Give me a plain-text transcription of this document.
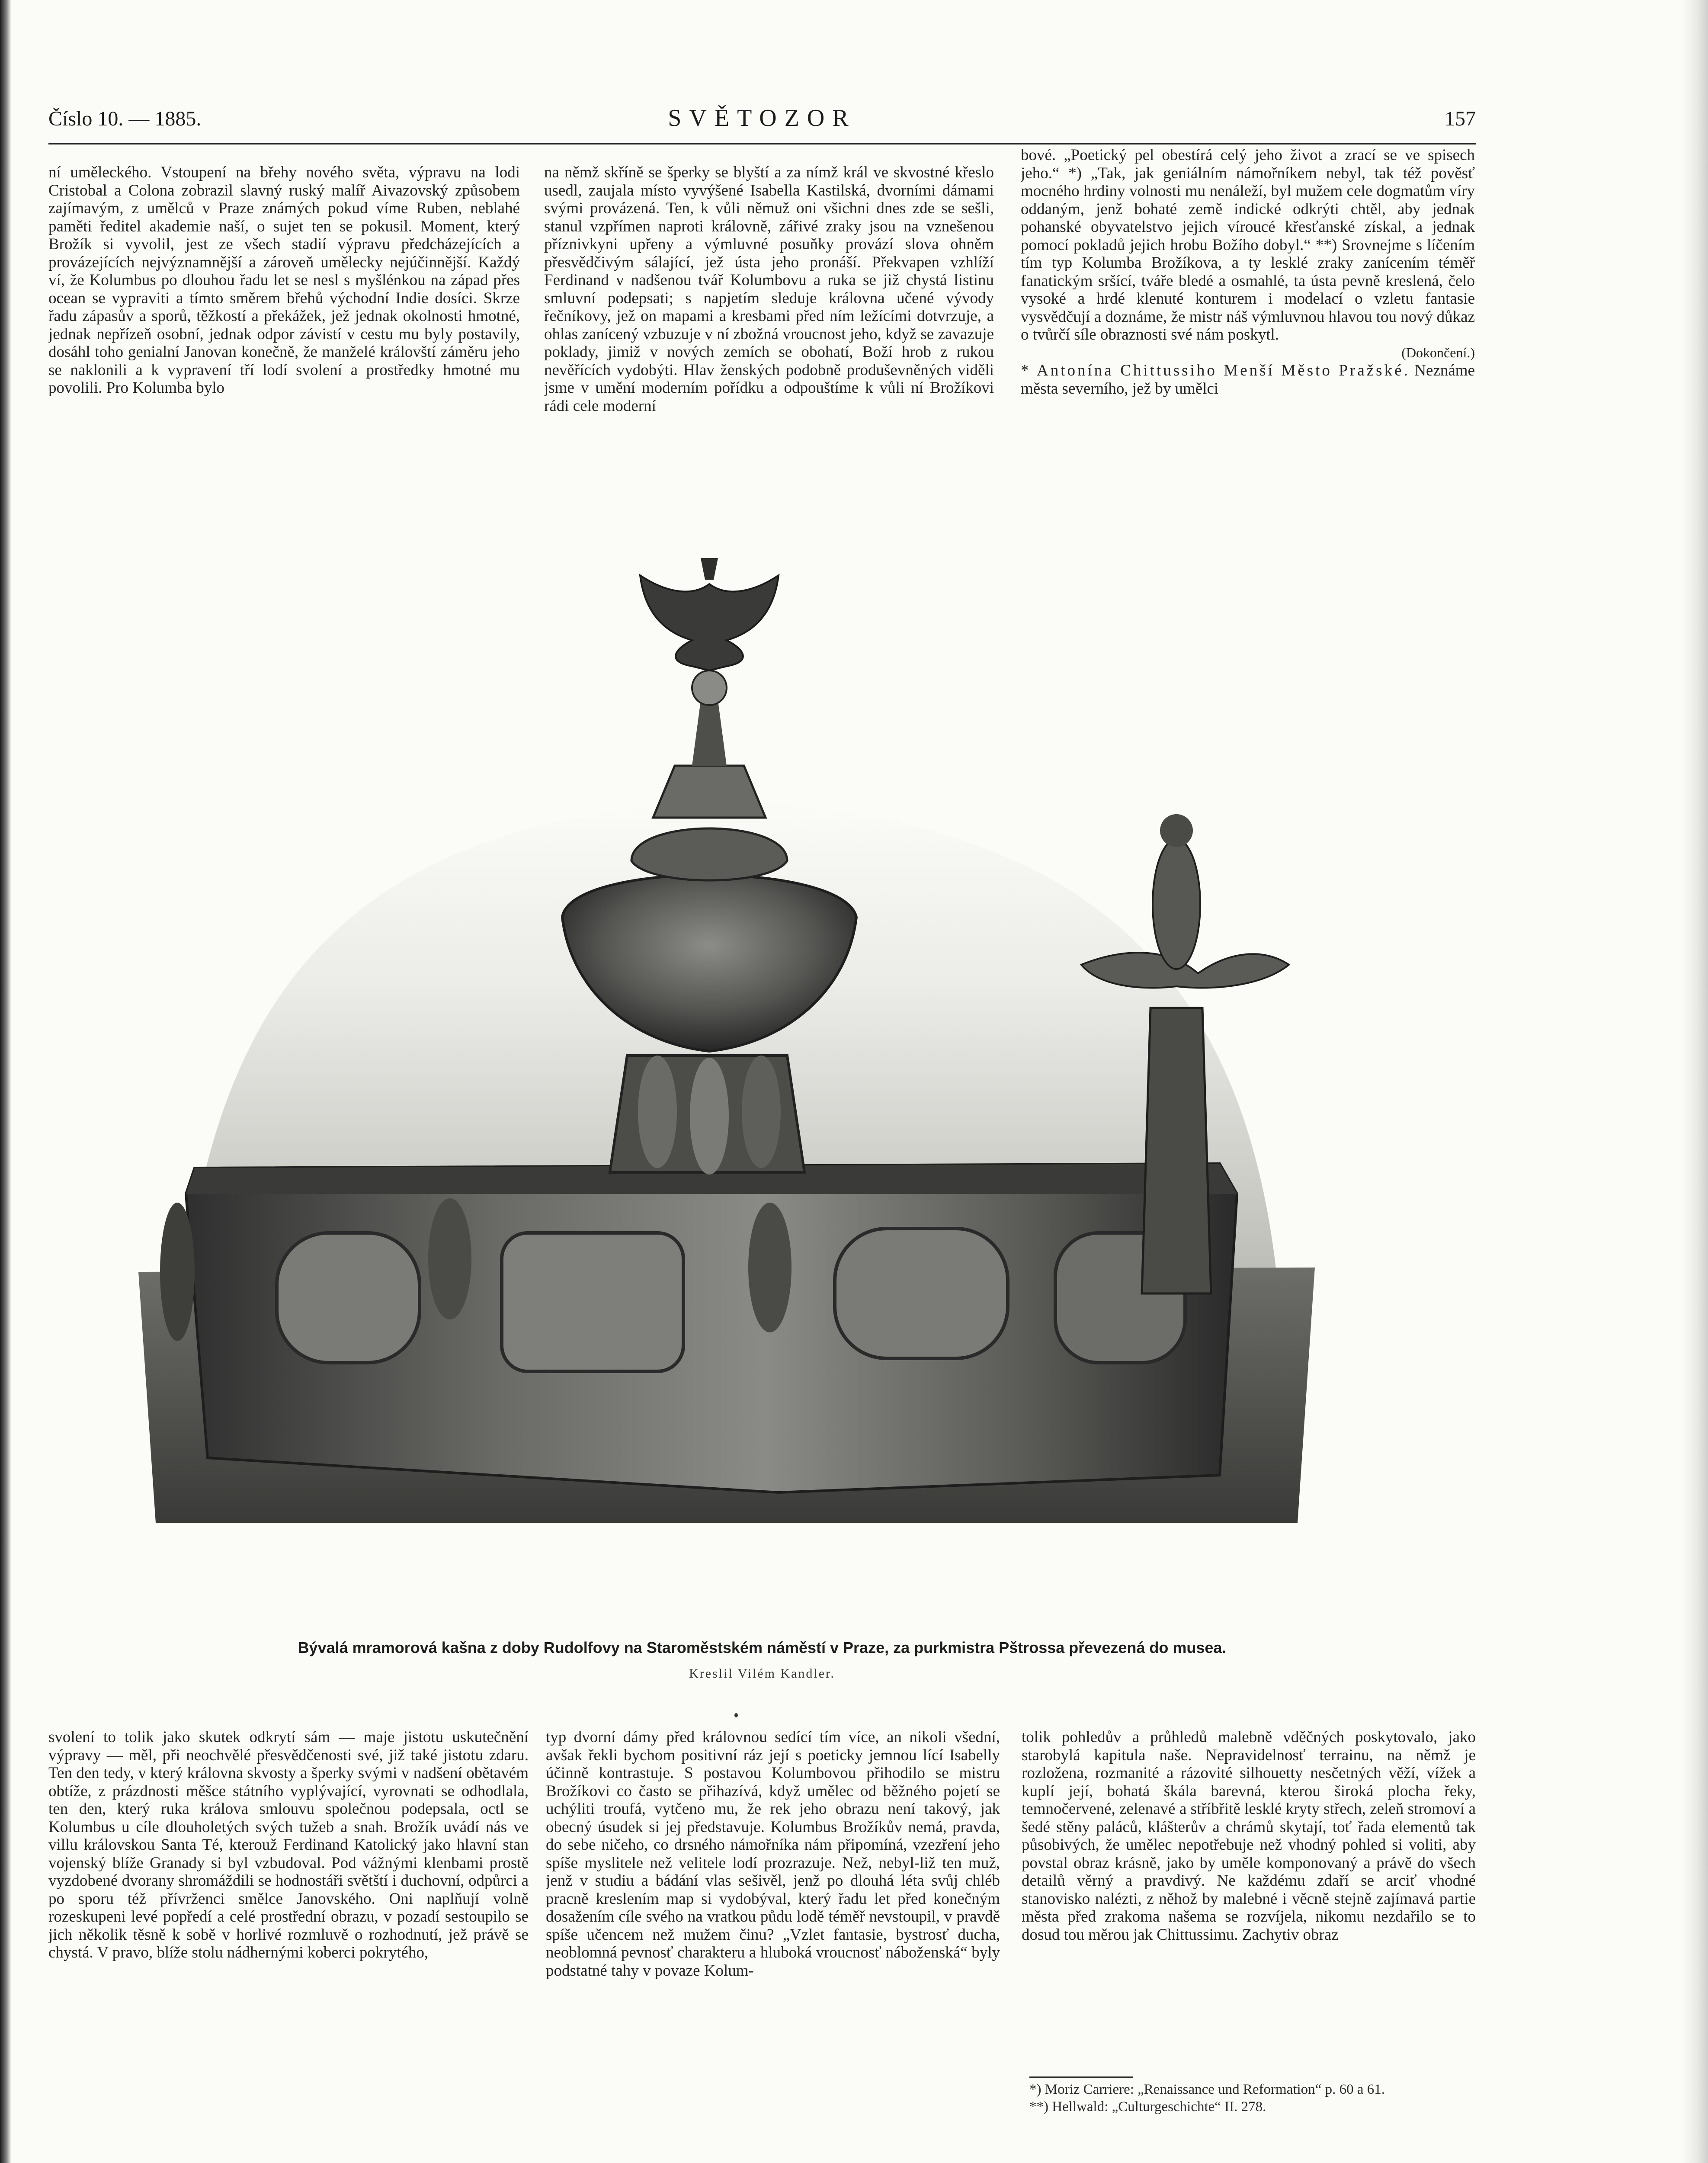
Číslo 10. — 1885.	SVĚTOZOR	157

ní uměleckého. Vstoupení na břehy nového světa, výpravu na lodi Cristobal a Colona zobrazil slavný ruský malíř Aivazovský způsobem zajímavým, z umělců v Praze známých pokud víme Ruben, neblahé paměti ředitel akademie naší, o sujet ten se pokusil. Moment, který Brožík si vyvolil, jest ze všech stadií výpravu předcházejících a provázejících nejvýznamnější a zároveň umělecky nejúčinnější. Každý ví, že Kolumbus po dlouhou řadu let se nesl s myšlénkou na západ přes ocean se vypraviti a tímto směrem břehů východní Indie dosíci. Skrze řadu zápasův a sporů, těžkostí a překážek, jež jednak okolnosti hmotné, jednak nepřízeň osobní, jednak odpor závistí v cestu mu byly postavily, dosáhl toho genialní Janovan konečně, že manželé královští záměru jeho se naklonili a k vypravení tří lodí svolení a prostředky hmotné mu povolili. Pro Kolumba bylo

na němž skříně se šperky se blyští a za nímž král ve skvostné křeslo usedl, zaujala místo vyvýšené Isabella Kastilská, dvorními dámami svými provázená. Ten, k vůli němuž oni všichni dnes zde se sešli, stanul vzpřímen naproti královně, zářivé zraky jsou na vznešenou příznivkyni upřeny a výmluvné posuňky provází slova ohněm přesvědčivým sálající, jež ústa jeho pronáší. Překvapen vzhlíží Ferdinand v nadšenou tvář Kolumbovu a ruka se již chystá listinu smluvní podepsati; s napjetím sleduje královna učené vývody řečníkovy, jež on mapami a kresbami před ním ležícími dotvrzuje, a ohlas zanícený vzbuzuje v ní zbožná vroucnost jeho, když se zavazuje poklady, jimiž v nových zemích se obohatí, Boží hrob z rukou nevěřících vydobýti. Hlav ženských podobně produševněných viděli jsme v umění moderním pořídku a odpouštíme k vůli ní Brožíkovi rádi cele moderní

bové. „Poetický pel obestírá celý jeho život a zrací se ve spisech jeho.“ *) „Tak, jak geniálním námořníkem nebyl, tak též pověsť mocného hrdiny volnosti mu nenáleží, byl mužem cele dogmatům víry oddaným, jenž bohaté země indické odkrýti chtěl, aby jednak pohanské obyvatelstvo jejich víroucé křesťanské získal, a jednak pomocí pokladů jejich hrobu Božího dobyl.“ **) Srovnejme s líčením tím typ Kolumba Brožíkova, a ty lesklé zraky zanícením téměř fanatickým sršící, tváře bledé a osmahlé, ta ústa pevně kreslená, čelo vysoké a hrdé klenuté konturem i modelací o vzletu fantasie vysvědčují a doznáme, že mistr náš výmluvnou hlavou tou nový důkaz o tvůrčí síle obraznosti své nám poskytl.

(Dokončení.)

* Antonína Chittussiho Menší Město Pražské. Neznáme města severního, jež by umělci

Bývalá mramorová kašna z doby Rudolfovy na Staroměstském náměstí v Praze, za purkmistra Pštrossa převezená do musea.
Kreslil Vilém Kandler.

svolení to tolik jako skutek odkrytí sám — maje jistotu uskutečnění výpravy — měl, při neochvělé přesvědčenosti své, již také jistotu zdaru. Ten den tedy, v který královna skvosty a šperky svými v nadšení obětavém obtíže, z prázdnosti měšce státního vyplývající, vyrovnati se odhodlala, ten den, který ruka králova smlouvu společnou podepsala, octl se Kolumbus u cíle dlouholetých svých tužeb a snah. Brožík uvádí nás ve villu královskou Santa Té, kterouž Ferdinand Katolický jako hlavní stan vojenský blíže Granady si byl vzbudoval. Pod vážnými klenbami prostě vyzdobené dvorany shromáždili se hodnostáři světští i duchovní, odpůrci a po sporu též přívrženci smělce Janovského. Oni naplňují volně rozeskupeni levé popředí a celé prostřední obrazu, v pozadí sestoupilo se jich několik těsně k sobě v horlivé rozmluvě o rozhodnutí, jež právě se chystá. V pravo, blíže stolu nádhernými koberci pokrytého,

typ dvorní dámy před královnou sedící tím více, an nikoli všední, avšak řekli bychom positivní ráz její s poeticky jemnou lící Isabelly účinně kontrastuje. S postavou Kolumbovou přihodilo se mistru Brožíkovi co často se přihazívá, když umělec od běžného pojetí se uchýliti troufá, vytčeno mu, že rek jeho obrazu není takový, jak obecný úsudek si jej představuje. Kolumbus Brožíkův nemá, pravda, do sebe ničeho, co drsného námořníka nám připomíná, vzezření jeho spíše myslitele než velitele lodí prozrazuje. Než, nebyl-liž ten muž, jenž v studiu a bádání vlas sešivěl, jenž po dlouhá léta svůj chléb pracně kreslením map si vydobýval, který řadu let před konečným dosažením cíle svého na vratkou půdu lodě téměř nevstoupil, v pravdě spíše učencem než mužem činu? „Vzlet fantasie, bystrosť ducha, neoblomná pevnosť charakteru a hluboká vroucnosť náboženská“ byly podstatné tahy v povaze Kolum-

tolik pohledův a průhledů malebně vděčných poskytovalo, jako starobylá kapitula naše. Nepravidelnosť terrainu, na němž je rozložena, rozmanité a rázovité silhouetty nesčetných věží, vížek a kuplí její, bohatá škála barevná, kterou široká plocha řeky, temnočervené, zelenavé a stříbřitě lesklé kryty střech, zeleň stromoví a šedé stěny paláců, klášterův a chrámů skytají, toť řada elementů tak působivých, že umělec nepotřebuje než vhodný pohled si voliti, aby povstal obraz krásně, jako by uměle komponovaný a právě do všech detailů věrný a pravdivý. Ne každému zdaří se arciť vhodné stanovisko nalézti, z něhož by malebné i věcně stejně zajímavá partie města před zrakoma našema se rozvíjela, nikomu nezdařilo se to dosud tou měrou jak Chittussimu. Zachytiv obraz

*) Moriz Carriere: „Renaissance und Reformation“ p. 60 a 61.
**) Hellwald: „Culturgeschichte“ II. 278.
